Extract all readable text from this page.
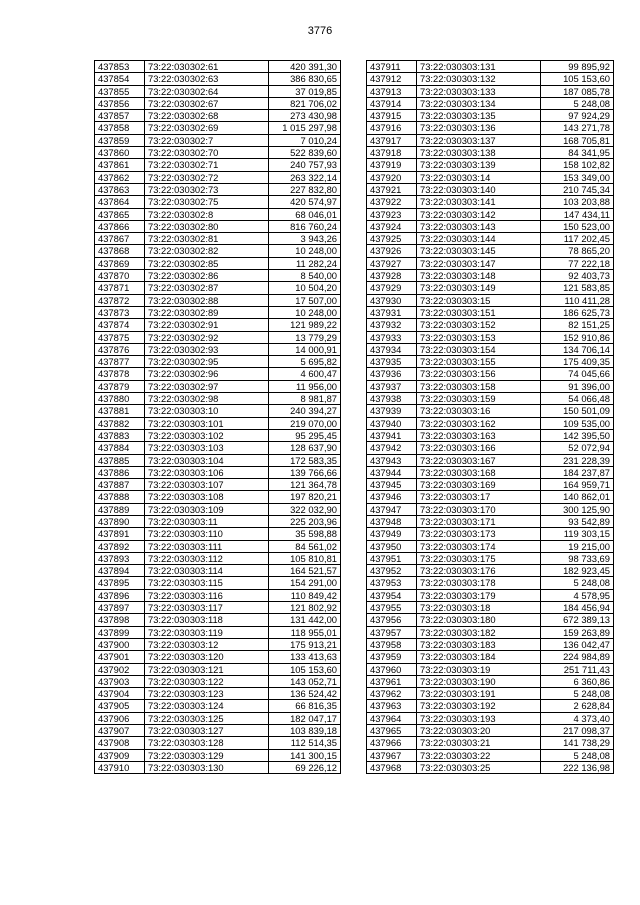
3776
437853	73:22:030302:61	420 391,30
437854	73:22:030302:63	386 830,65
437855	73:22:030302:64	37 019,85
437856	73:22:030302:67	821 706,02
437857	73:22:030302:68	273 430,98
437858	73:22:030302:69	1 015 297,98
437859	73:22:030302:7	7 010,24
437860	73:22:030302:70	522 839,60
437861	73:22:030302:71	240 757,93
437862	73:22:030302:72	263 322,14
437863	73:22:030302:73	227 832,80
437864	73:22:030302:75	420 574,97
437865	73:22:030302:8	68 046,01
437866	73:22:030302:80	816 760,24
437867	73:22:030302:81	3 943,26
437868	73:22:030302:82	10 248,00
437869	73:22:030302:85	11 282,24
437870	73:22:030302:86	8 540,00
437871	73:22:030302:87	10 504,20
437872	73:22:030302:88	17 507,00
437873	73:22:030302:89	10 248,00
437874	73:22:030302:91	121 989,22
437875	73:22:030302:92	13 779,29
437876	73:22:030302:93	14 000,91
437877	73:22:030302:95	5 695,82
437878	73:22:030302:96	4 600,47
437879	73:22:030302:97	11 956,00
437880	73:22:030302:98	8 981,87
437881	73:22:030303:10	240 394,27
437882	73:22:030303:101	219 070,00
437883	73:22:030303:102	95 295,45
437884	73:22:030303:103	128 637,90
437885	73:22:030303:104	172 583,35
437886	73:22:030303:106	139 766,66
437887	73:22:030303:107	121 364,78
437888	73:22:030303:108	197 820,21
437889	73:22:030303:109	322 032,90
437890	73:22:030303:11	225 203,96
437891	73:22:030303:110	35 598,88
437892	73:22:030303:111	84 561,02
437893	73:22:030303:112	105 810,81
437894	73:22:030303:114	164 521,57
437895	73:22:030303:115	154 291,00
437896	73:22:030303:116	110 849,42
437897	73:22:030303:117	121 802,92
437898	73:22:030303:118	131 442,00
437899	73:22:030303:119	118 955,01
437900	73:22:030303:12	175 913,21
437901	73:22:030303:120	133 413,63
437902	73:22:030303:121	105 153,60
437903	73:22:030303:122	143 052,71
437904	73:22:030303:123	136 524,42
437905	73:22:030303:124	66 816,35
437906	73:22:030303:125	182 047,17
437907	73:22:030303:127	103 839,18
437908	73:22:030303:128	112 514,35
437909	73:22:030303:129	141 300,15
437910	73:22:030303:130	69 226,12
437911	73:22:030303:131	99 895,92
437912	73:22:030303:132	105 153,60
437913	73:22:030303:133	187 085,78
437914	73:22:030303:134	5 248,08
437915	73:22:030303:135	97 924,29
437916	73:22:030303:136	143 271,78
437917	73:22:030303:137	168 705,81
437918	73:22:030303:138	84 341,95
437919	73:22:030303:139	158 102,82
437920	73:22:030303:14	153 349,00
437921	73:22:030303:140	210 745,34
437922	73:22:030303:141	103 203,88
437923	73:22:030303:142	147 434,11
437924	73:22:030303:143	150 523,00
437925	73:22:030303:144	117 202,45
437926	73:22:030303:145	78 865,20
437927	73:22:030303:147	77 222,18
437928	73:22:030303:148	92 403,73
437929	73:22:030303:149	121 583,85
437930	73:22:030303:15	110 411,28
437931	73:22:030303:151	186 625,73
437932	73:22:030303:152	82 151,25
437933	73:22:030303:153	152 910,86
437934	73:22:030303:154	134 706,14
437935	73:22:030303:155	175 409,35
437936	73:22:030303:156	74 045,66
437937	73:22:030303:158	91 396,00
437938	73:22:030303:159	54 066,48
437939	73:22:030303:16	150 501,09
437940	73:22:030303:162	109 535,00
437941	73:22:030303:163	142 395,50
437942	73:22:030303:166	52 072,94
437943	73:22:030303:167	231 228,39
437944	73:22:030303:168	184 237,87
437945	73:22:030303:169	164 959,71
437946	73:22:030303:17	140 862,01
437947	73:22:030303:170	300 125,90
437948	73:22:030303:171	93 542,89
437949	73:22:030303:173	119 303,15
437950	73:22:030303:174	19 215,00
437951	73:22:030303:175	98 733,69
437952	73:22:030303:176	182 923,45
437953	73:22:030303:178	5 248,08
437954	73:22:030303:179	4 578,95
437955	73:22:030303:18	184 456,94
437956	73:22:030303:180	672 389,13
437957	73:22:030303:182	159 263,89
437958	73:22:030303:183	136 042,47
437959	73:22:030303:184	224 984,89
437960	73:22:030303:19	251 711,43
437961	73:22:030303:190	6 360,86
437962	73:22:030303:191	5 248,08
437963	73:22:030303:192	2 628,84
437964	73:22:030303:193	4 373,40
437965	73:22:030303:20	217 098,37
437966	73:22:030303:21	141 738,29
437967	73:22:030303:22	5 248,08
437968	73:22:030303:25	222 136,98
